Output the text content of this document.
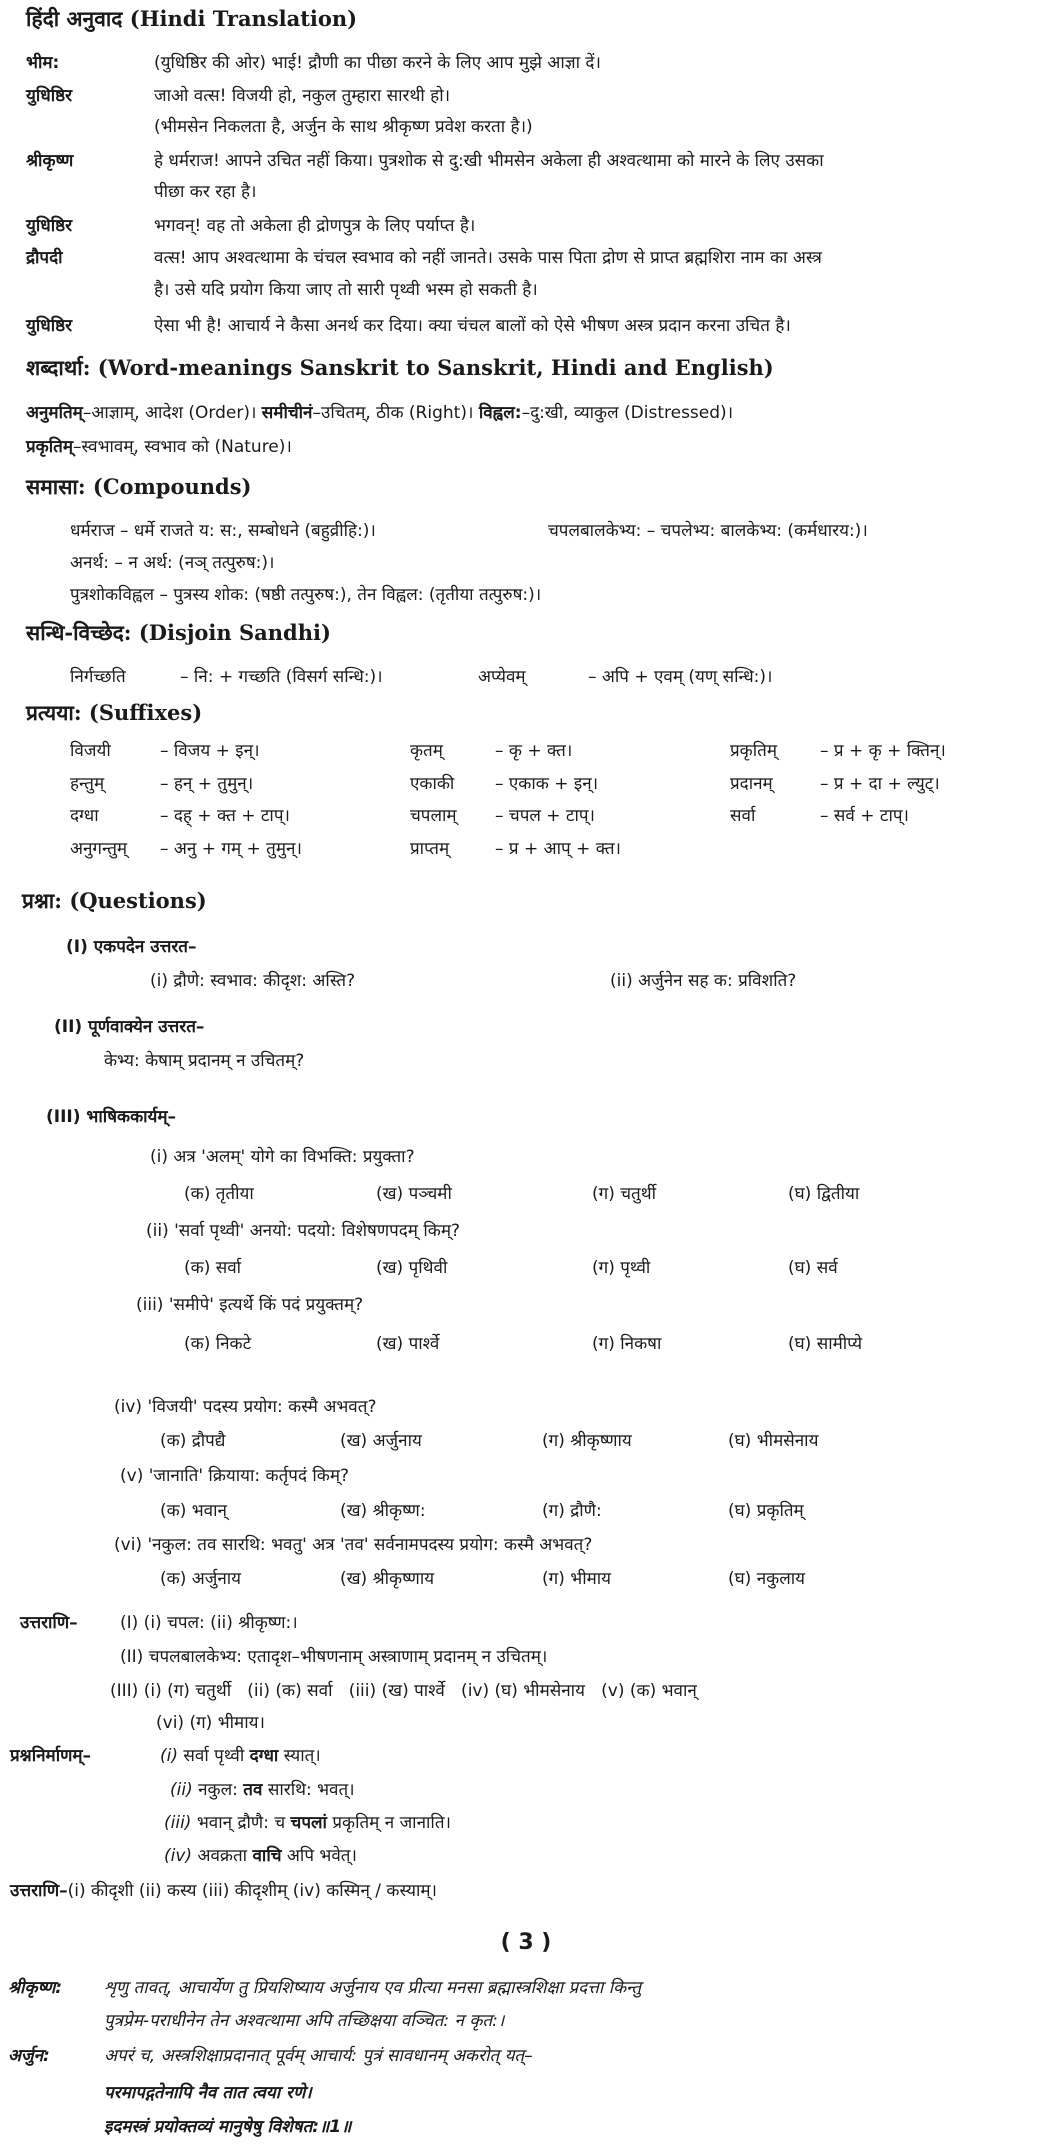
हिंदी अनुवाद (Hindi Translation)
भीम:	(युधिष्ठिर की ओर) भाई! द्रौणी का पीछा करने के लिए आप मुझे आज्ञा दें।
युधिष्ठिर	जाओ वत्स! विजयी हो, नकुल तुम्हारा सारथी हो।
(भीमसेन निकलता है, अर्जुन के साथ श्रीकृष्ण प्रवेश करता है।)
श्रीकृष्ण	हे धर्मराज! आपने उचित नहीं किया। पुत्रशोक से दु:खी भीमसेन अकेला ही अश्वत्थामा को मारने के लिए उसका
पीछा कर रहा है।
युधिष्ठिर	भगवन्! वह तो अकेला ही द्रोणपुत्र के लिए पर्याप्त है।
द्रौपदी	वत्स! आप अश्वत्थामा के चंचल स्वभाव को नहीं जानते। उसके पास पिता द्रोण से प्राप्त ब्रह्मशिरा नाम का अस्त्र
है। उसे यदि प्रयोग किया जाए तो सारी पृथ्वी भस्म हो सकती है।
युधिष्ठिर	ऐसा भी है! आचार्य ने कैसा अनर्थ कर दिया। क्या चंचल बालों को ऐसे भीषण अस्त्र प्रदान करना उचित है।
शब्दार्था: (Word-meanings Sanskrit to Sanskrit, Hindi and English)
अनुमतिम्–आज्ञाम्, आदेश (Order)। समीचीनं–उचितम्, ठीक (Right)। विह्वल:–दु:खी, व्याकुल (Distressed)।
प्रकृतिम्–स्वभावम्, स्वभाव को (Nature)।
समासा: (Compounds)
धर्मराज – धर्मे राजते य: स:, सम्बोधने (बहुव्रीहि:)।	चपलबालकेभ्य: – चपलेभ्य: बालकेभ्य: (कर्मधारय:)।
अनर्थ: – न अर्थ: (नञ् तत्पुरुष:)।
पुत्रशोकविह्वल – पुत्रस्य शोक: (षष्ठी तत्पुरुष:), तेन विह्वल: (तृतीया तत्पुरुष:)।
सन्धि-विच्छेद: (Disjoin Sandhi)
निर्गच्छति	– नि: + गच्छति (विसर्ग सन्धि:)।	अप्येवम्	– अपि + एवम् (यण् सन्धि:)।
प्रत्यया: (Suffixes)
विजयी	– विजय + इन्।	कृतम्	– कृ + क्त।	प्रकृतिम्	– प्र + कृ + क्तिन्।
हन्तुम्	– हन् + तुमुन्।	एकाकी – एकाक + इन्।	प्रदानम्	– प्र + दा + ल्युट्।
दग्धा	– दह् + क्त + टाप्।	चपलाम् – चपल + टाप्।	सर्वा	– सर्व + टाप्।
अनुगन्तुम् – अनु + गम् + तुमुन्।	प्राप्तम्	– प्र + आप् + क्त।
प्रश्ना: (Questions)
(I) एकपदेन उत्तरत–
(i) द्रौणे: स्वभाव: कीदृश: अस्ति?	(ii) अर्जुनेन सह क: प्रविशति?
(II) पूर्णवाक्येन उत्तरत–
केभ्य: केषाम् प्रदानम् न उचितम्?
(III) भाषिककार्यम्–
(i) अत्र 'अलम्' योगे का विभक्ति: प्रयुक्ता?
(क) तृतीया	(ख) पञ्चमी	(ग) चतुर्थी	(घ) द्वितीया
(ii) 'सर्वा पृथ्वी' अनयो: पदयो: विशेषणपदम् किम्?
(क) सर्वा	(ख) पृथिवी	(ग) पृथ्वी	(घ) सर्व
(iii) 'समीपे' इत्यर्थे किं पदं प्रयुक्तम्?
(क) निकटे	(ख) पार्श्वे	(ग) निकषा	(घ) सामीप्ये
(iv) 'विजयी' पदस्य प्रयोग: कस्मै अभवत्?
(क) द्रौपद्यै	(ख) अर्जुनाय	(ग) श्रीकृष्णाय	(घ) भीमसेनाय
(v) 'जानाति' क्रियाया: कर्तृपदं किम्?
(क) भवान्	(ख) श्रीकृष्ण:	(ग) द्रौणै:	(घ) प्रकृतिम्
(vi) 'नकुल: तव सारथि: भवतु' अत्र 'तव' सर्वनामपदस्य प्रयोग: कस्मै अभवत्?
(क) अर्जुनाय	(ख) श्रीकृष्णाय	(ग) भीमाय	(घ) नकुलाय
उत्तराणि– (I) (i) चपल: (ii) श्रीकृष्ण:।
(II) चपलबालकेभ्य: एतादृश–भीषणनाम् अस्त्राणाम् प्रदानम् न उचितम्।
(III) (i) (ग) चतुर्थी   (ii) (क) सर्वा   (iii) (ख) पार्श्वे   (iv) (घ) भीमसेनाय   (v) (क) भवान्
(vi) (ग) भीमाय।
प्रश्ननिर्माणम्–	(i) सर्वा पृथ्वी दग्धा स्यात्।
(ii) नकुल: तव सारथि: भवत्।
(iii) भवान् द्रौणै: च चपलां प्रकृतिम् न जानाति।
(iv) अवक्रता वाचि अपि भवेत्।
उत्तराणि–(i) कीदृशी (ii) कस्य (iii) कीदृशीम् (iv) कस्मिन् / कस्याम्।
( 3 )
श्रीकृष्ण: शृणु तावत्, आचार्येण तु प्रियशिष्याय अर्जुनाय एव प्रीत्या मनसा ब्रह्मास्त्रशिक्षा प्रदत्ता किन्तु
पुत्रप्रेम-पराधीनेन तेन अश्वत्थामा अपि तच्छिक्षया वञ्चित: न कृत:।
अर्जुन:	अपरं च, अस्त्रशिक्षाप्रदानात् पूर्वम् आचार्य: पुत्रं सावधानम् अकरोत् यत्–
परमापद्गतेनापि नैव तात त्वया रणे।
इदमस्त्रं प्रयोक्तव्यं मानुषेषु विशेषत:॥1॥
